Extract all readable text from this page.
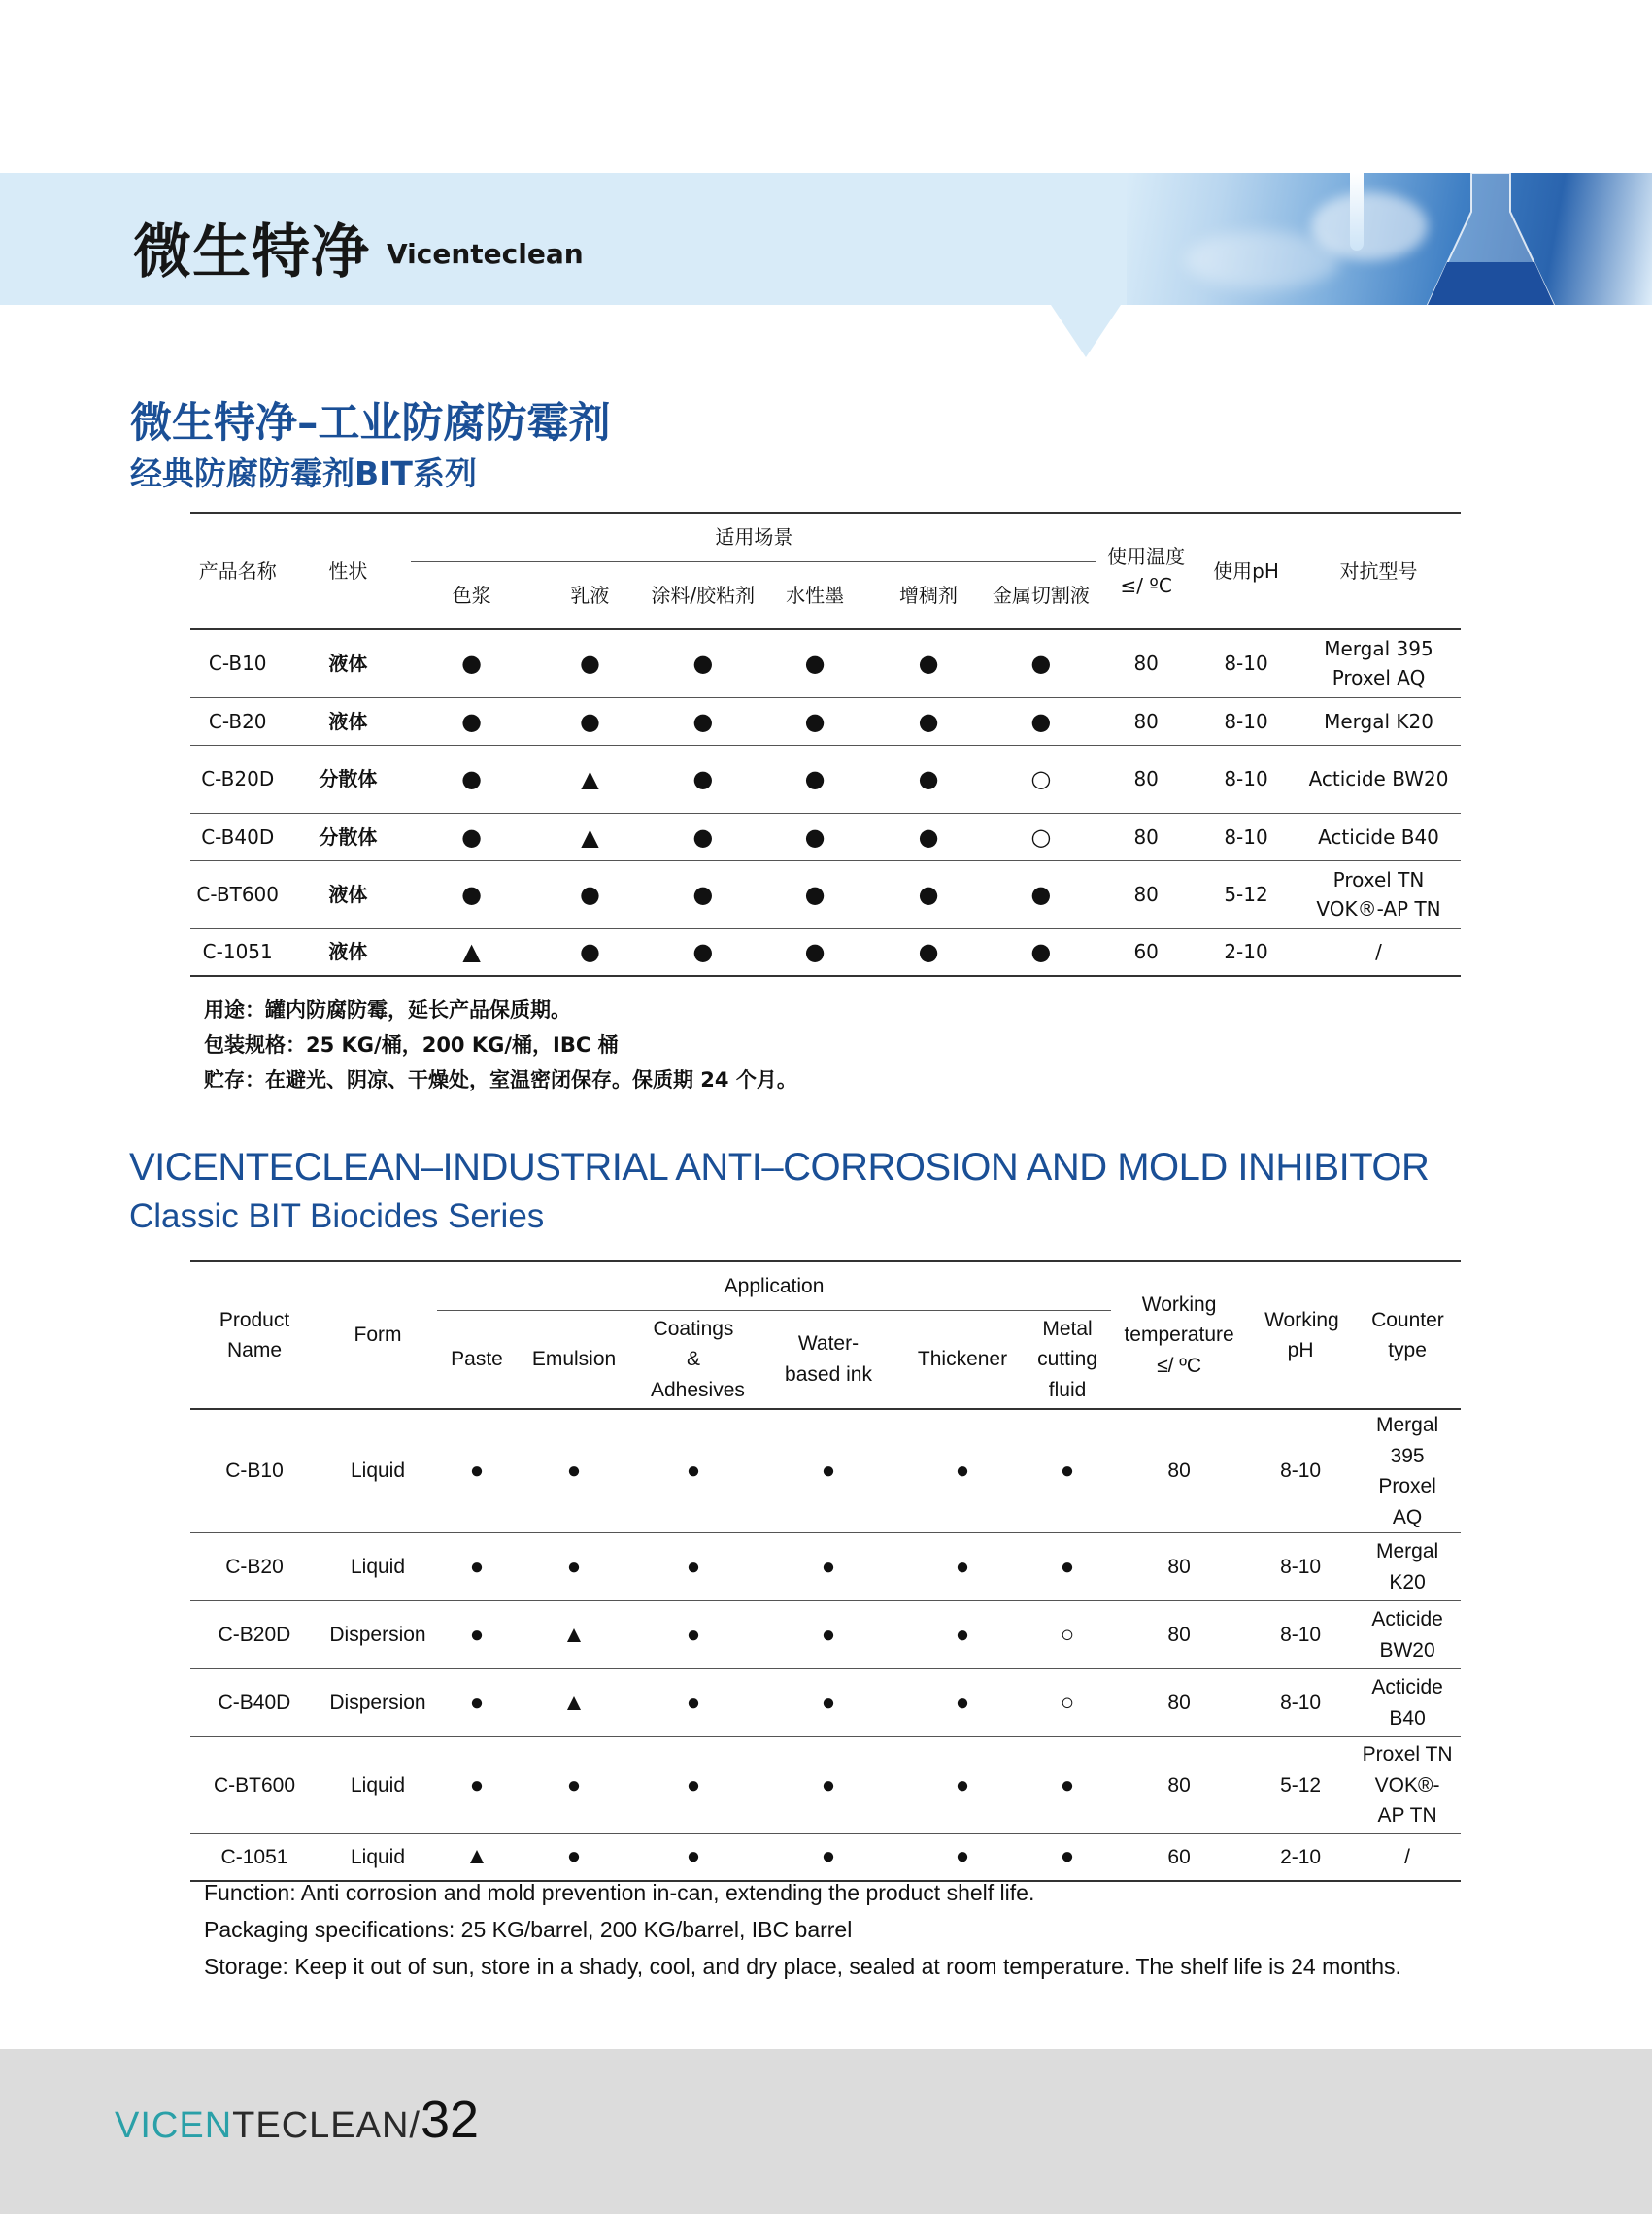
微生特净 Vicenteclean
微生特净–工业防腐防霉剂
经典防腐防霉剂BIT系列
产品名称	性状	适用场景						使用温度≤/ ºC	使用pH	对抗型号
		色浆	乳液	涂料/胶粘剂	水性墨	增稠剂	金属切割液			
C-B10	液体	●	●	●	●	●	●	80	8-10	Mergal 395 Proxel AQ
C-B20	液体	●	●	●	●	●	●	80	8-10	Mergal K20
C-B20D	分散体	●	▲	●	●	●	○	80	8-10	Acticide BW20
C-B40D	分散体	●	▲	●	●	●	○	80	8-10	Acticide B40
C-BT600	液体	●	●	●	●	●	●	80	5-12	Proxel TN VOK®-AP TN
C-1051	液体	▲	●	●	●	●	●	60	2-10	/
用途：罐内防腐防霉，延长产品保质期。
包装规格：25 KG/桶，200 KG/桶，IBC 桶
贮存：在避光、阴凉、干燥处，室温密闭保存。保质期 24 个月。
VICENTECLEAN–INDUSTRIAL ANTI–CORROSION AND MOLD INHIBITOR
Classic BIT Biocides Series
Product Name	Form	Application						Working temperature ≤/ ºC	Working pH	Counter type
		Paste	Emulsion	Coatings & Adhesives	Water-based ink	Thickener	Metal cutting fluid			
C-B10	Liquid	●	●	●	●	●	●	80	8-10	Mergal 395 Proxel AQ
C-B20	Liquid	●	●	●	●	●	●	80	8-10	Mergal K20
C-B20D	Dispersion	●	▲	●	●	●	○	80	8-10	Acticide BW20
C-B40D	Dispersion	●	▲	●	●	●	○	80	8-10	Acticide B40
C-BT600	Liquid	●	●	●	●	●	●	80	5-12	Proxel TN VOK®-AP TN
C-1051	Liquid	▲	●	●	●	●	●	60	2-10	/
Function: Anti corrosion and mold prevention in-can, extending the product shelf life.
Packaging specifications: 25 KG/barrel, 200 KG/barrel, IBC barrel
Storage: Keep it out of sun, store in a shady, cool, and dry place, sealed at room temperature. The shelf life is 24 months.
VICENTECLEAN/32
